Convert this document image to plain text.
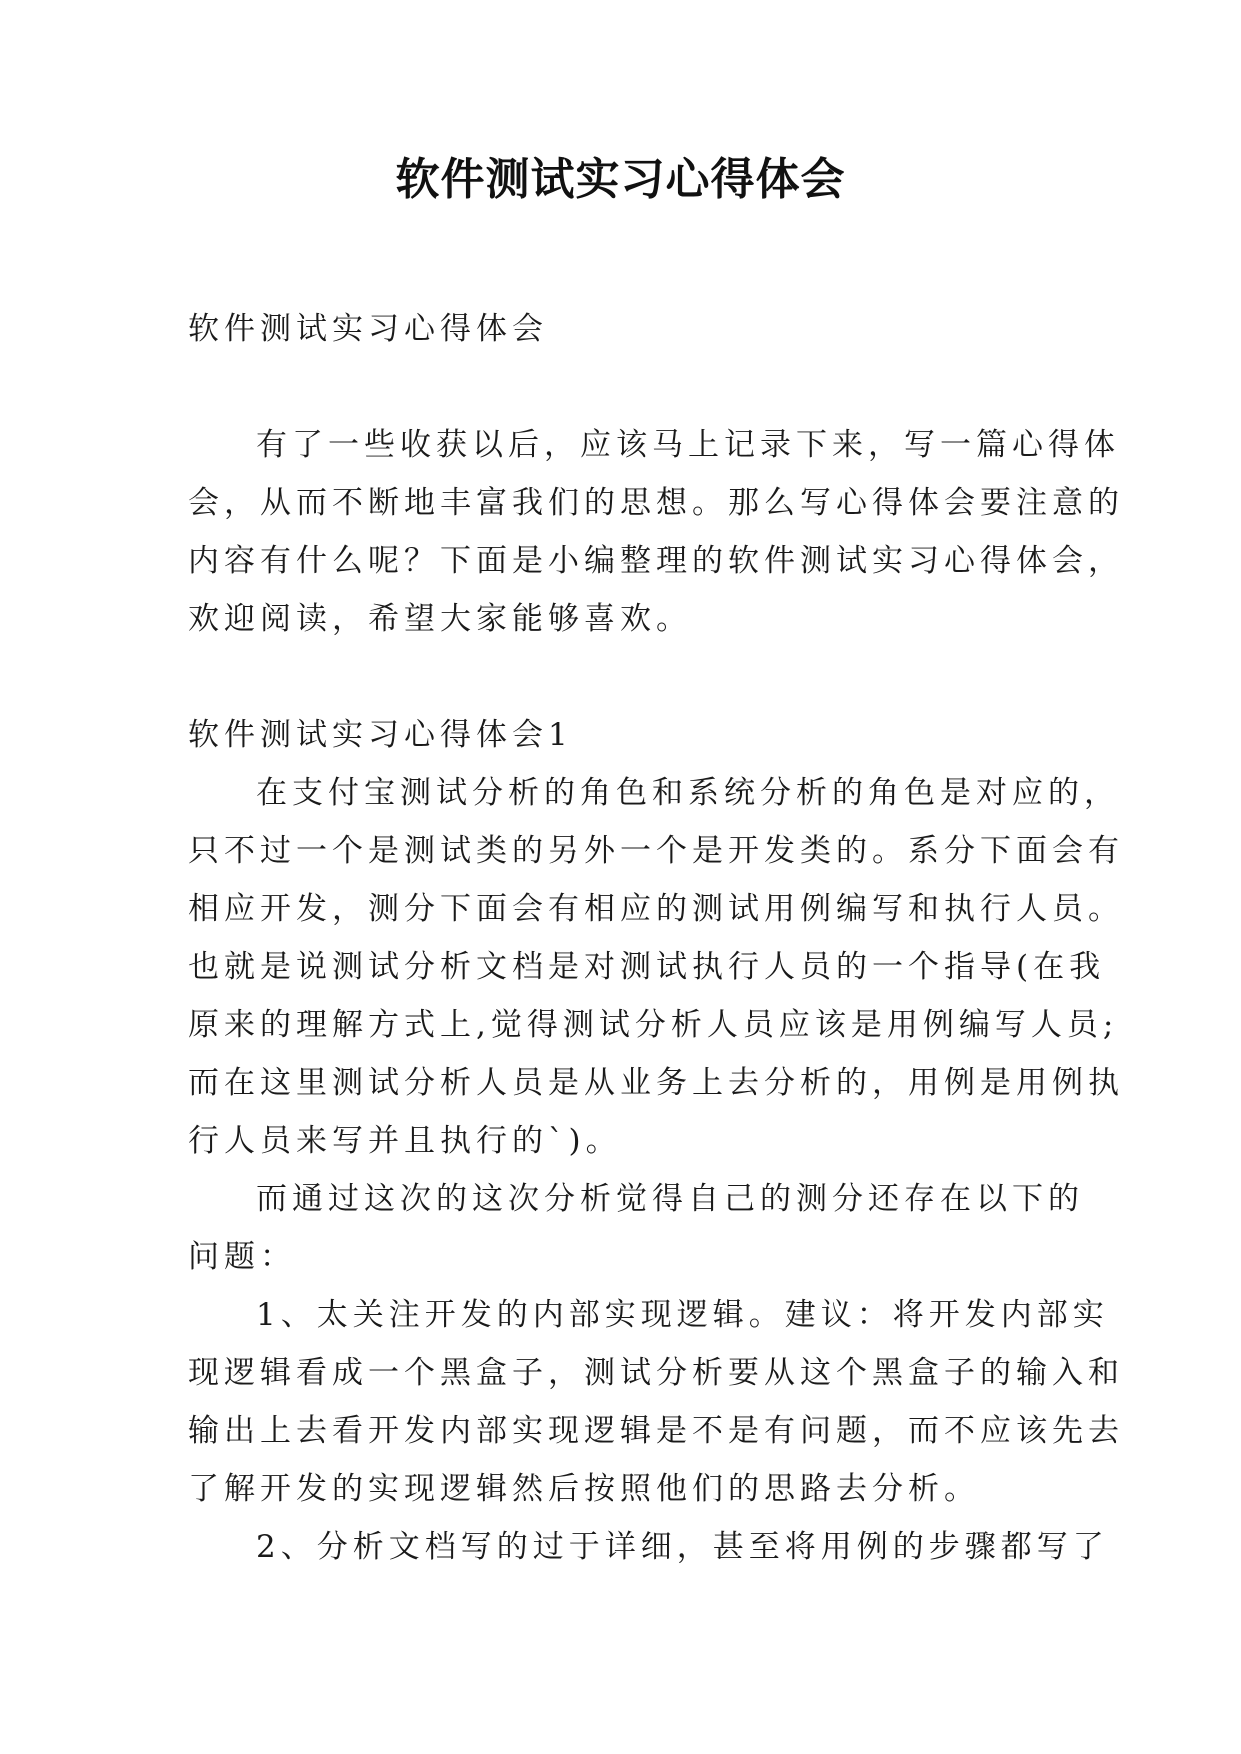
软件测试实习心得体会
软件测试实习心得体会
有了一些收获以后，应该马上记录下来，写一篇心得体
会，从而不断地丰富我们的思想。那么写心得体会要注意的
内容有什么呢？下面是小编整理的软件测试实习心得体会，
欢迎阅读，希望大家能够喜欢。
软件测试实习心得体会1
在支付宝测试分析的角色和系统分析的角色是对应的，
只不过一个是测试类的另外一个是开发类的。系分下面会有
相应开发，测分下面会有相应的测试用例编写和执行人员。
也就是说测试分析文档是对测试执行人员的一个指导(在我
原来的理解方式上,觉得测试分析人员应该是用例编写人员;
而在这里测试分析人员是从业务上去分析的，用例是用例执
行人员来写并且执行的`)。
而通过这次的这次分析觉得自己的测分还存在以下的
问题：
1、太关注开发的内部实现逻辑。建议：将开发内部实
现逻辑看成一个黑盒子，测试分析要从这个黑盒子的输入和
输出上去看开发内部实现逻辑是不是有问题，而不应该先去
了解开发的实现逻辑然后按照他们的思路去分析。
2、分析文档写的过于详细，甚至将用例的步骤都写了
